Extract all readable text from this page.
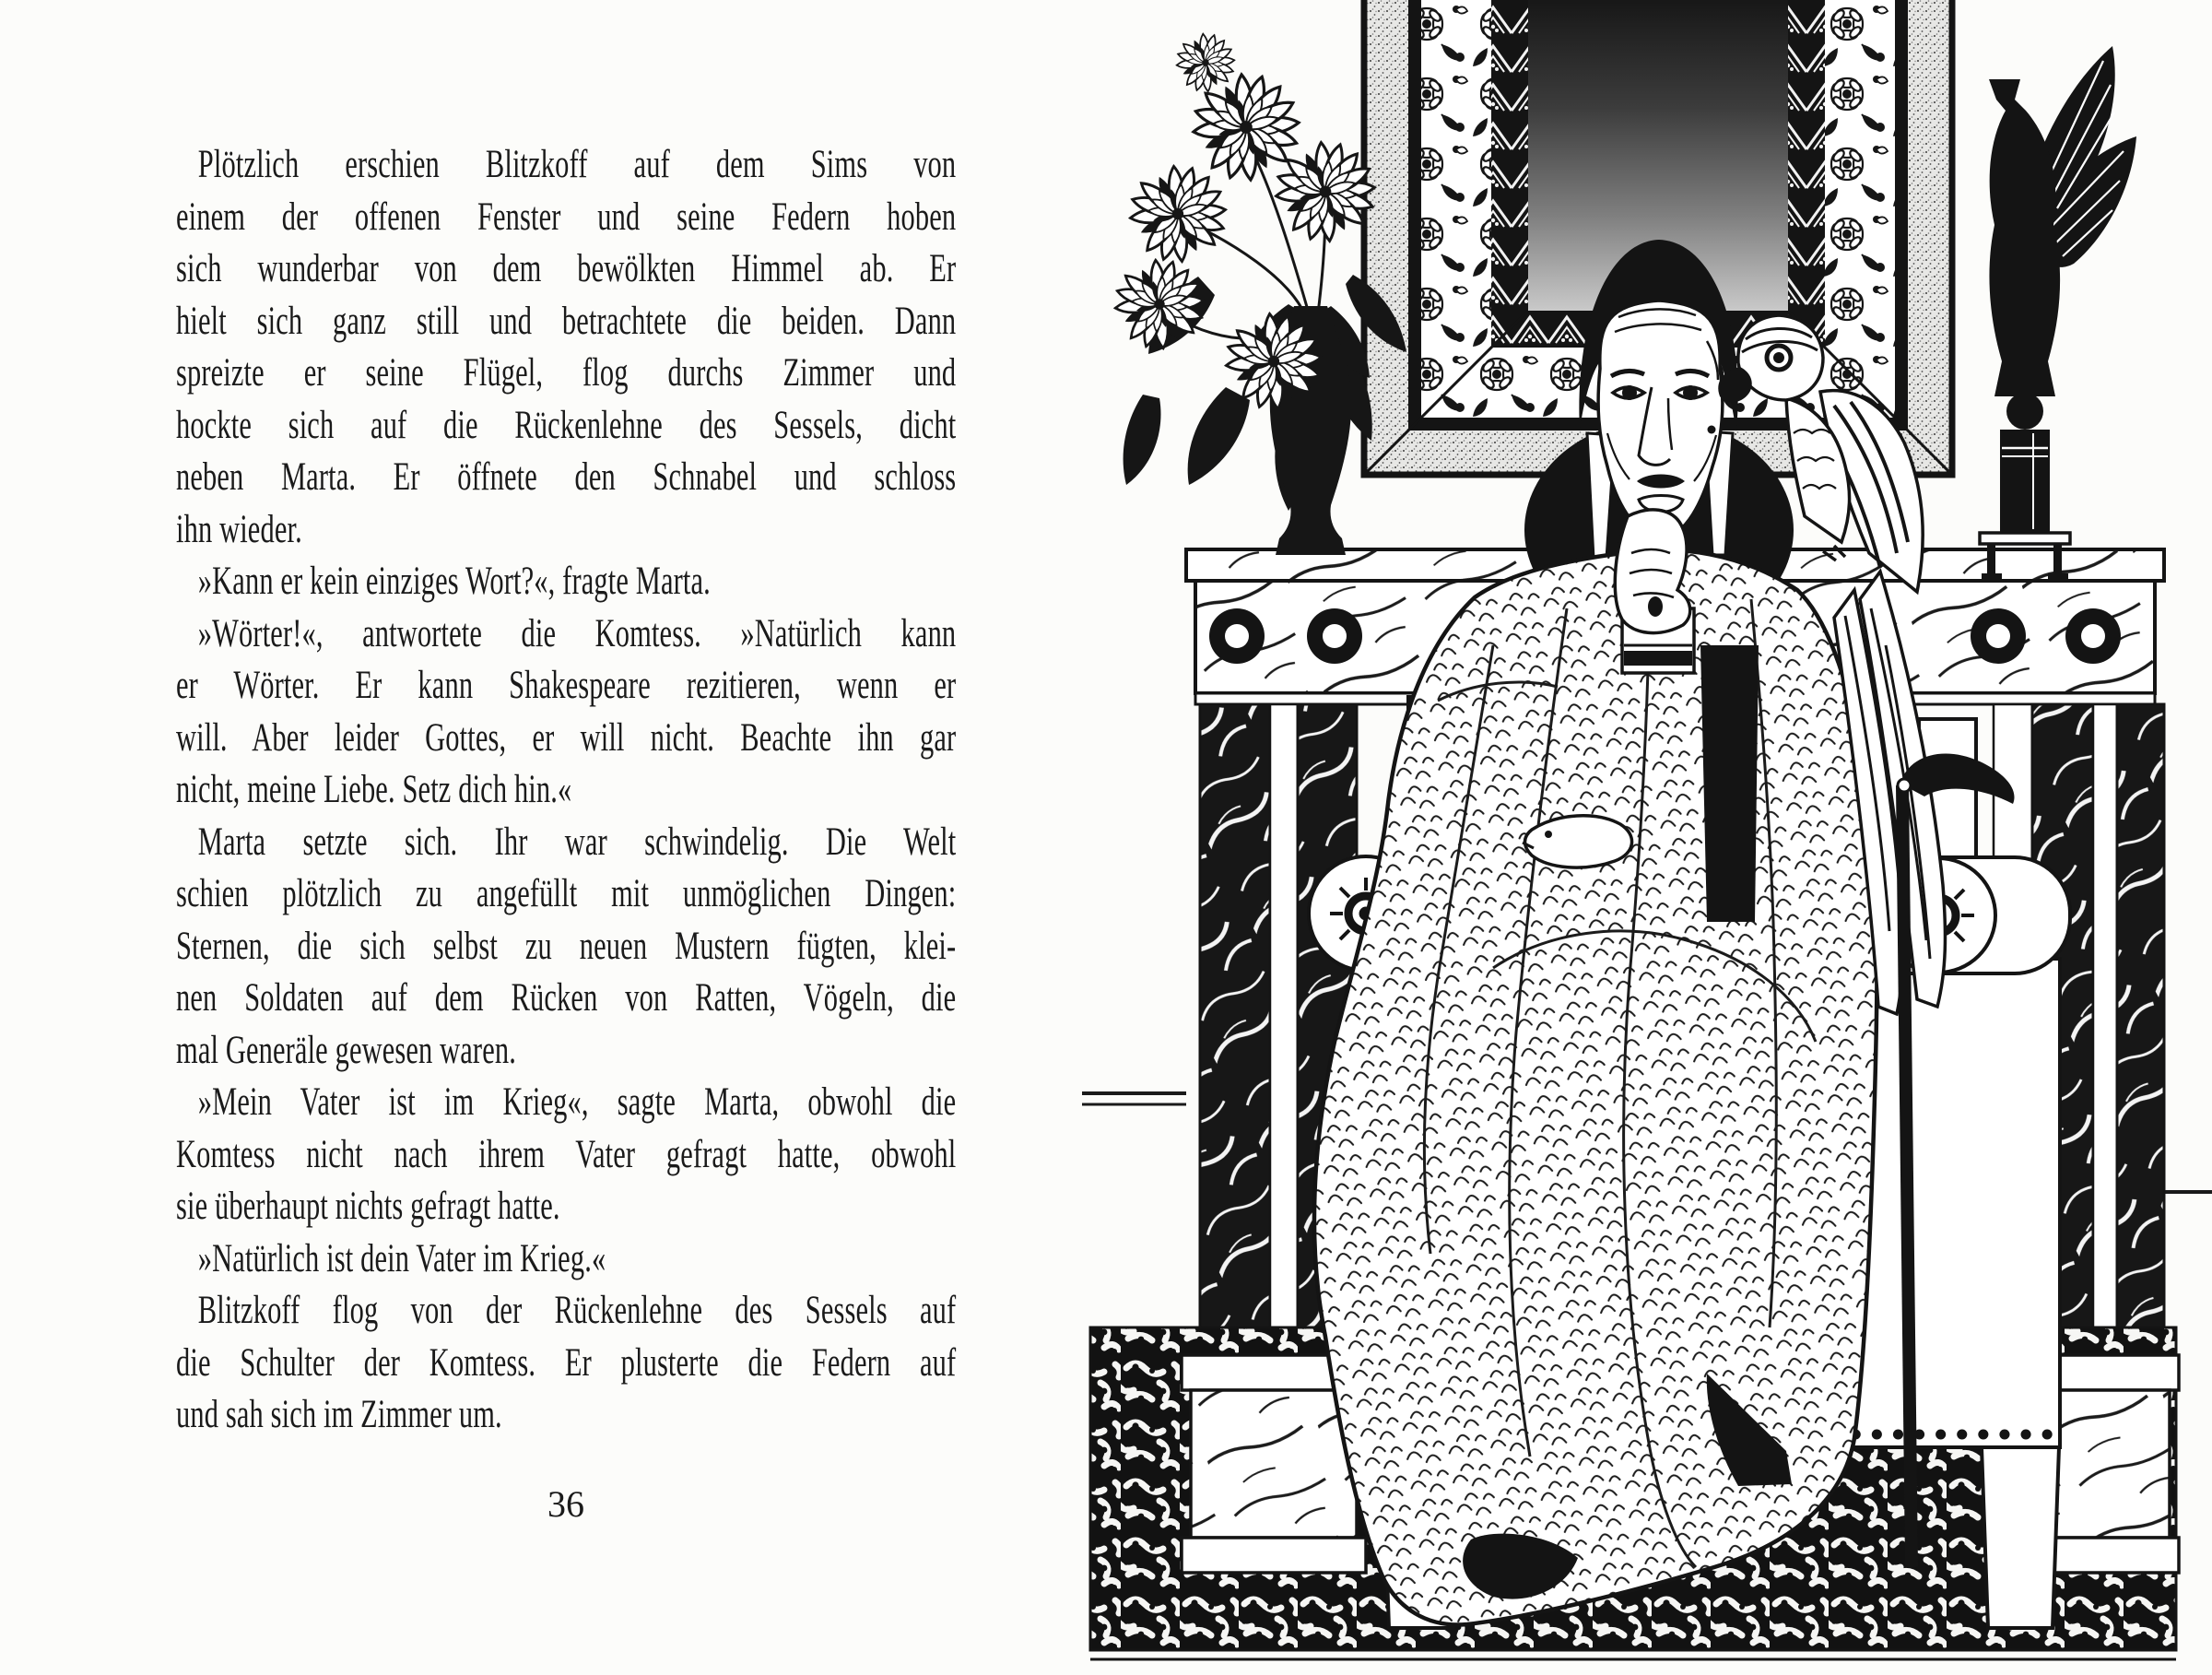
Plötzlich erschien Blitzkoff auf dem Sims von
einem der offenen Fenster und seine Federn hoben
sich wunderbar von dem bewölkten Himmel ab. Er
hielt sich ganz still und betrachtete die beiden. Dann
spreizte er seine Flügel, flog durchs Zimmer und
hockte sich auf die Rückenlehne des Sessels, dicht
neben Marta. Er öffnete den Schnabel und schloss
ihn wieder.
»Kann er kein einziges Wort?«, fragte Marta.
»Wörter!«, antwortete die Komtess. »Natürlich kann
er Wörter. Er kann Shakespeare rezitieren, wenn er
will. Aber leider Gottes, er will nicht. Beachte ihn gar
nicht, meine Liebe. Setz dich hin.«
Marta setzte sich. Ihr war schwindelig. Die Welt
schien plötzlich zu angefüllt mit unmöglichen Dingen:
Sternen, die sich selbst zu neuen Mustern fügten, klei-
nen Soldaten auf dem Rücken von Ratten, Vögeln, die
mal Generäle gewesen waren.
»Mein Vater ist im Krieg«, sagte Marta, obwohl die
Komtess nicht nach ihrem Vater gefragt hatte, obwohl
sie überhaupt nichts gefragt hatte.
»Natürlich ist dein Vater im Krieg.«
Blitzkoff flog von der Rückenlehne des Sessels auf
die Schulter der Komtess. Er plusterte die Federn auf
und sah sich im Zimmer um.
36
